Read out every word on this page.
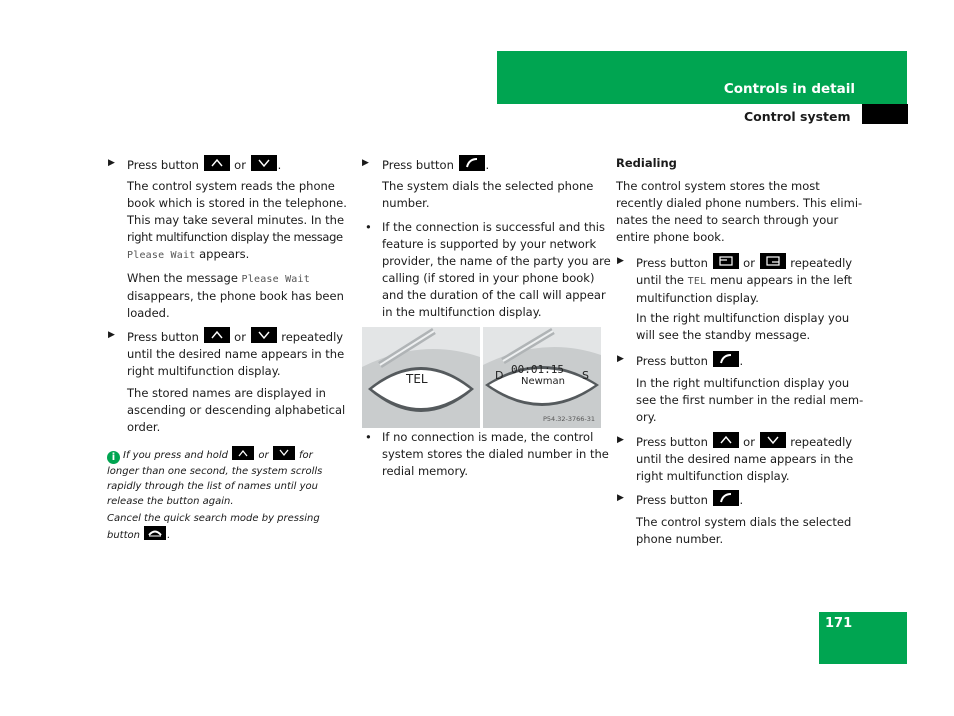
Controls in detail
Control system
▶ Press button	or	.

The control system reads the phone
book which is stored in the telephone.
This may take several minutes. In the
right multifunction display the message
Please Wait appears.

When the message Please Wait
disappears, the phone book has been
loaded.

▶ Press button	or	repeatedly
until the desired name appears in the
right multifunction display.

The stored names are displayed in
ascending or descending alphabetical
order.

i If you press and hold	or	for
longer than one second, the system scrolls
rapidly through the list of names until you
release the button again.

Cancel the quick search mode by pressing
button	.

▶ Press button	.

The system dials the selected phone
number.

• If the connection is successful and this
feature is supported by your network
provider, the name of the party you are
calling (if stored in your phone book)
and the duration of the call will appear
in the multifunction display.

TEL	D 00:01:15 S
Newman
P54.32-3766-31
• If no connection is made, the control
system stores the dialed number in the
redial memory.

Redialing

The control system stores the most
recently dialed phone numbers. This elimi-
nates the need to search through your
entire phone book.

▶ Press button	or	repeatedly
until the TEL menu appears in the left
multifunction display.

In the right multifunction display you
will see the standby message.

▶ Press button	.

In the right multifunction display you
see the first number in the redial mem-
ory.

▶ Press button	or	repeatedly
until the desired name appears in the
right multifunction display.

▶ Press button	.

The control system dials the selected
phone number.

171
